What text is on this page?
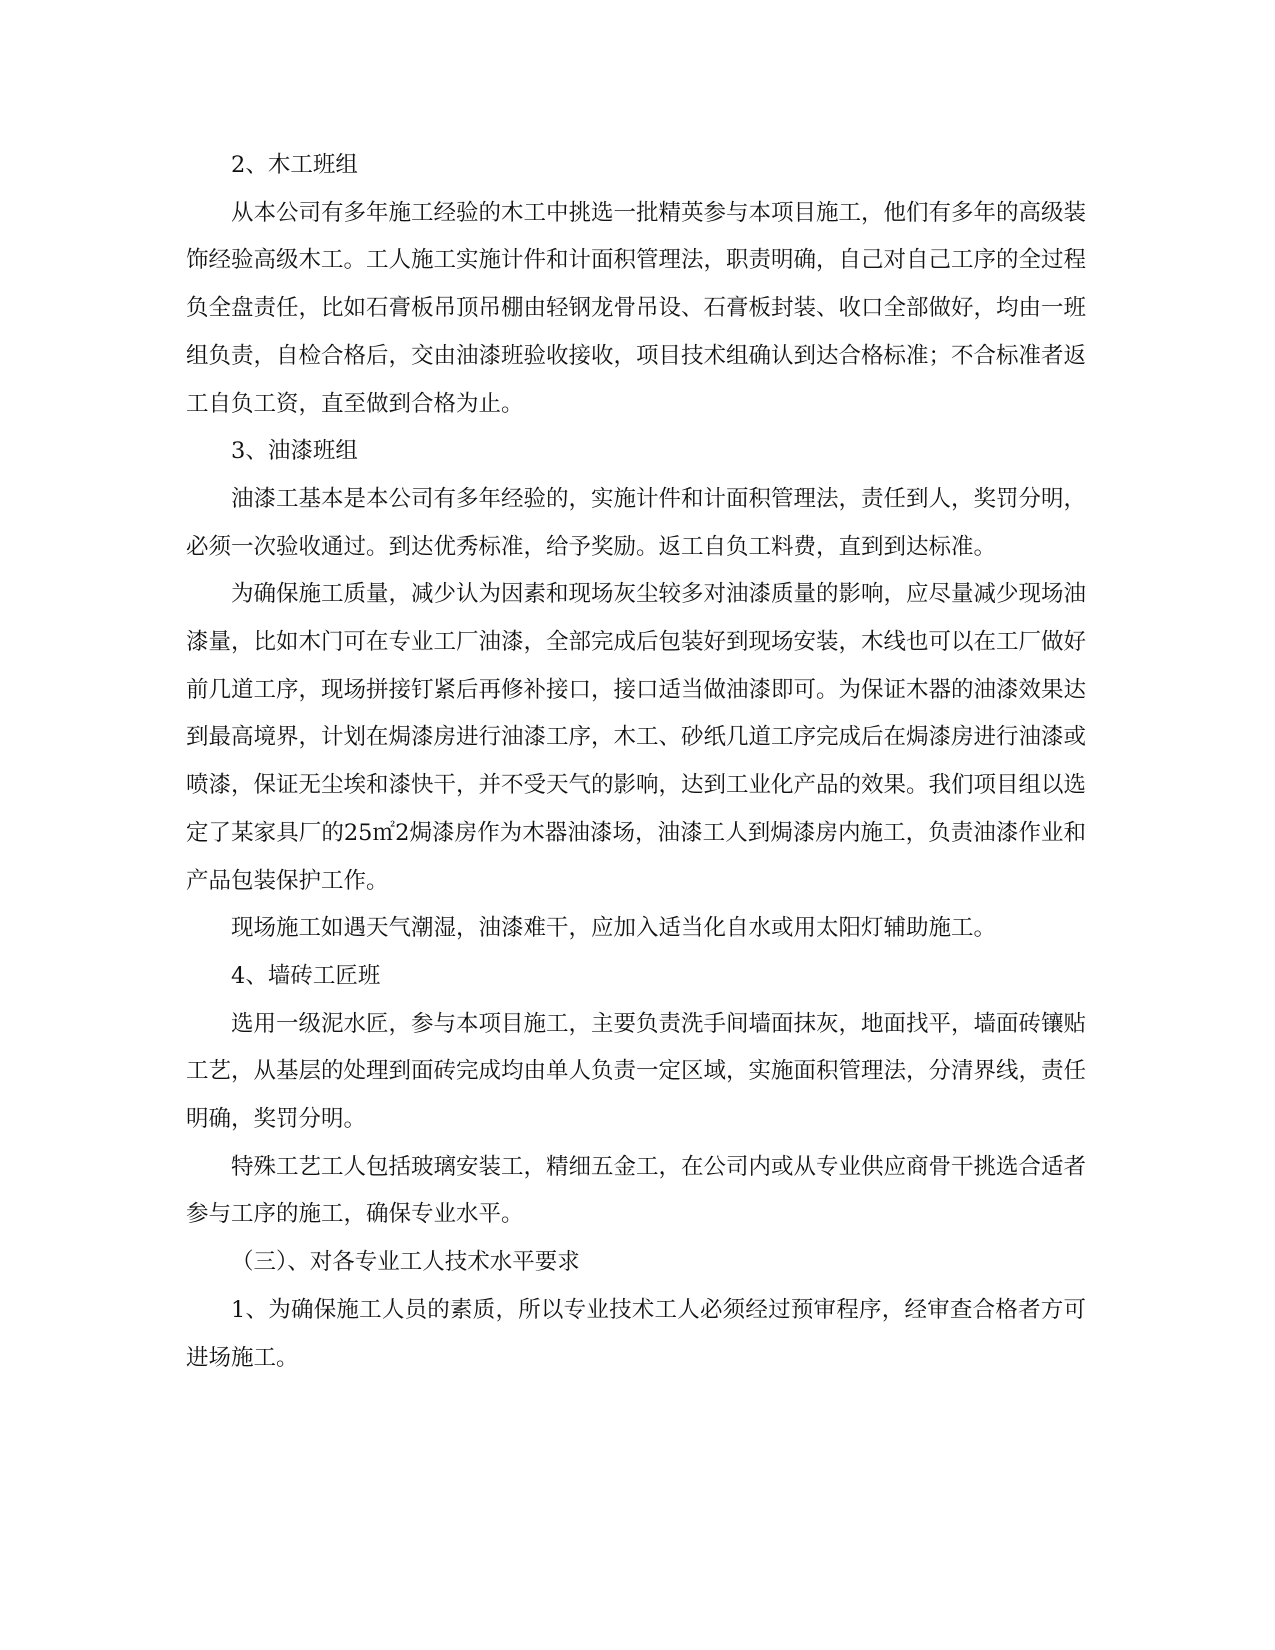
2、木工班组

从本公司有多年施工经验的木工中挑选一批精英参与本项目施工，他们有多年的高级装饰经验高级木工。工人施工实施计件和计面积管理法，职责明确，自己对自己工序的全过程负全盘责任，比如石膏板吊顶吊棚由轻钢龙骨吊设、石膏板封装、收口全部做好，均由一班组负责，自检合格后，交由油漆班验收接收，项目技术组确认到达合格标准；不合标准者返工自负工资，直至做到合格为止。

3、油漆班组

油漆工基本是本公司有多年经验的，实施计件和计面积管理法，责任到人，奖罚分明，必须一次验收通过。到达优秀标准，给予奖励。返工自负工料费，直到到达标准。

为确保施工质量，减少认为因素和现场灰尘较多对油漆质量的影响，应尽量减少现场油漆量，比如木门可在专业工厂油漆，全部完成后包装好到现场安装，木线也可以在工厂做好前几道工序，现场拼接钉紧后再修补接口，接口适当做油漆即可。为保证木器的油漆效果达到最高境界，计划在焗漆房进行油漆工序，木工、砂纸几道工序完成后在焗漆房进行油漆或喷漆，保证无尘埃和漆快干，并不受天气的影响，达到工业化产品的效果。我们项目组以选定了某家具厂的25㎡2焗漆房作为木器油漆场，油漆工人到焗漆房内施工，负责油漆作业和产品包装保护工作。

现场施工如遇天气潮湿，油漆难干，应加入适当化自水或用太阳灯辅助施工。

4、墙砖工匠班

选用一级泥水匠，参与本项目施工，主要负责洗手间墙面抹灰，地面找平，墙面砖镶贴工艺，从基层的处理到面砖完成均由单人负责一定区域，实施面积管理法，分清界线，责任明确，奖罚分明。

特殊工艺工人包括玻璃安装工，精细五金工，在公司内或从专业供应商骨干挑选合适者参与工序的施工，确保专业水平。

（三）、对各专业工人技术水平要求

1、为确保施工人员的素质，所以专业技术工人必须经过预审程序，经审查合格者方可进场施工。
